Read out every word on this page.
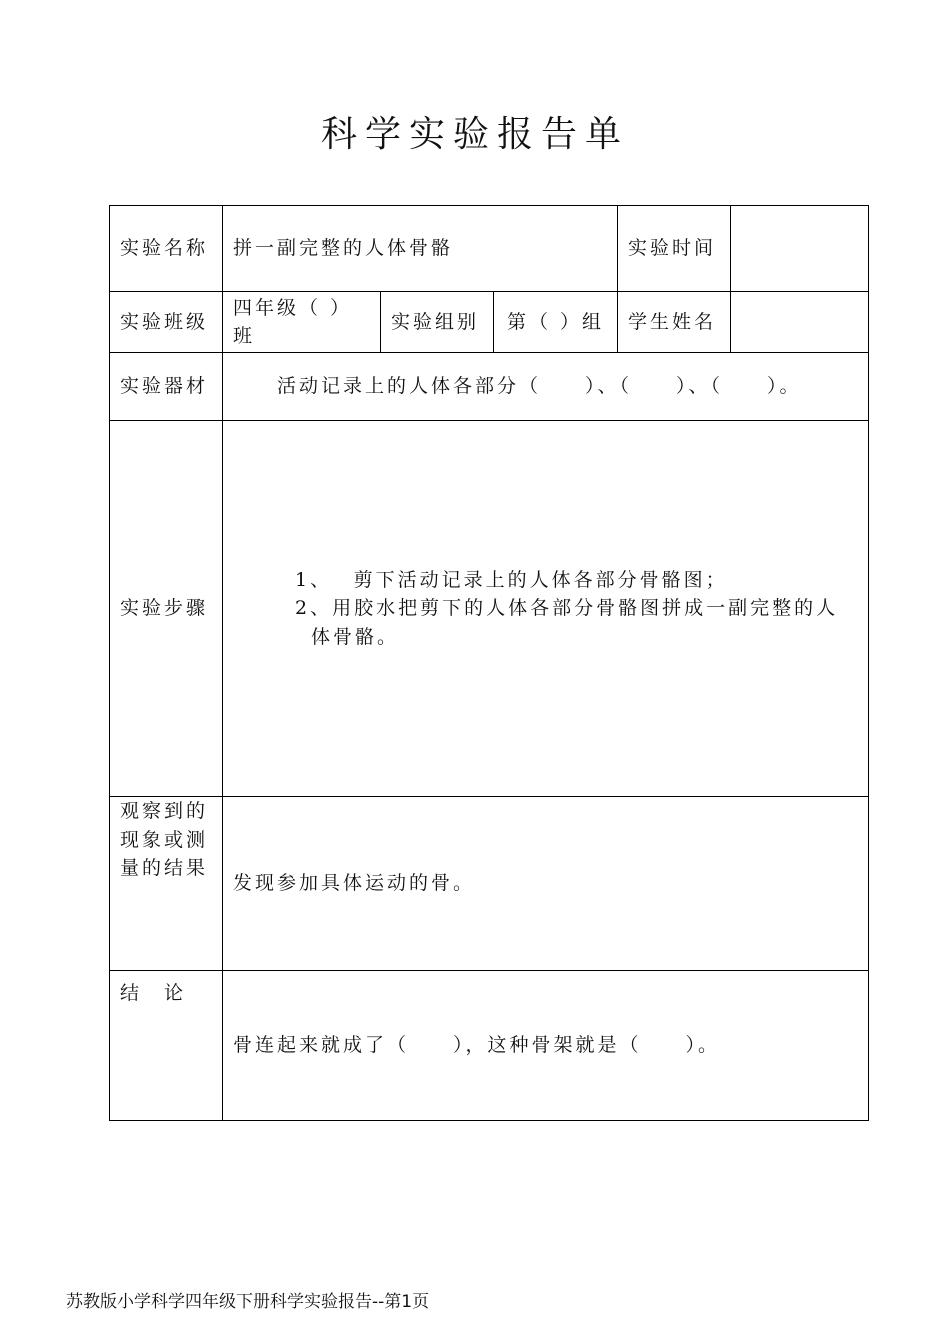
科学实验报告单
实验名称	拼一副完整的人体骨骼			实验时间	
实验班级	四年级（ ）班	实验组别	第（ ）组	学生姓名	
实验器材	活动记录上的人体各部分（　　）、（　　）、（　　）。				
实验步骤	1、　 剪下活动记录上的人体各部分骨骼图；
2、用胶水把剪下的人体各部分骨骼图拼成一副完整的人
体骨骼。				

观察到的现象或测量的结果	发现参加具体运动的骨。				
结　论	骨连起来就成了（　　），这种骨架就是（　　）。				
苏教版小学科学四年级下册科学实验报告--第1页
